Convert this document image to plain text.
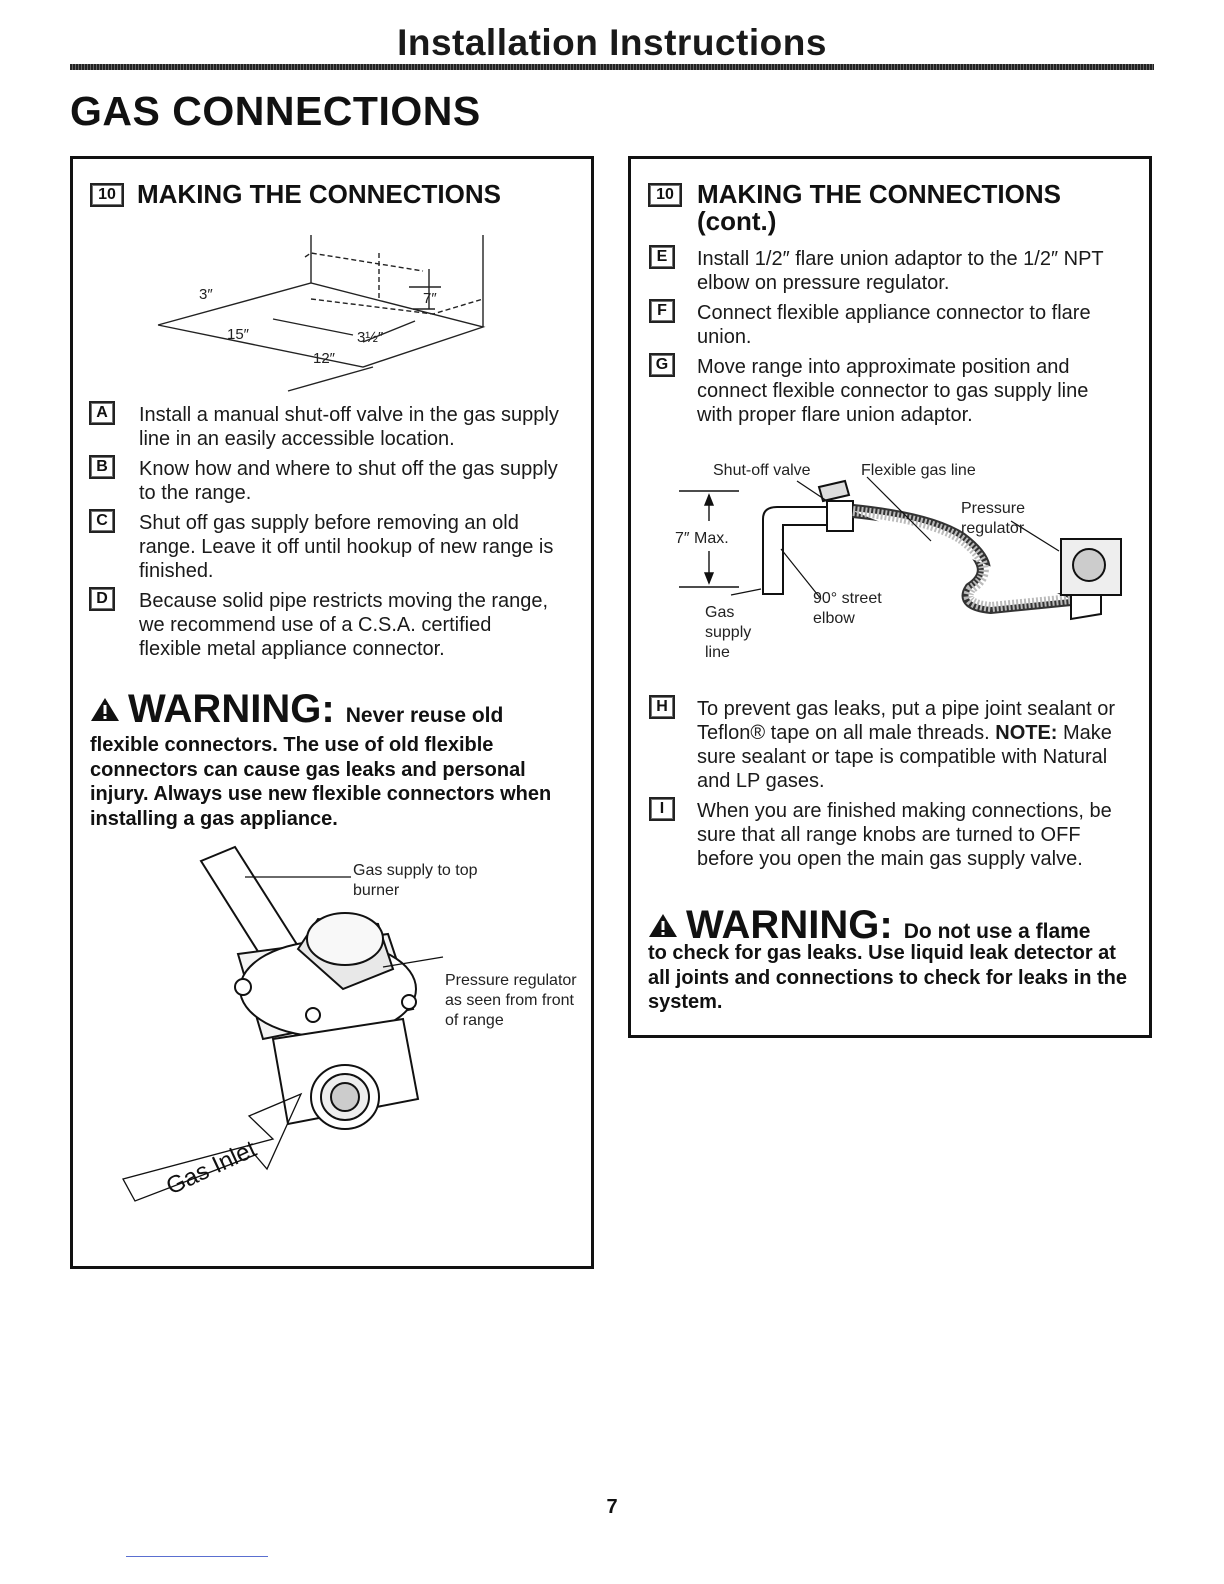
Installation Instructions
GAS CONNECTIONS
10 MAKING THE CONNECTIONS
3″	7″
15″	3½″
12″
A	Install a manual shut-off valve in the gas supply line in an easily accessible location.
B	Know how and where to shut off the gas supply to the range.
C	Shut off gas supply before removing an old range. Leave it off until hookup of new range is finished.
D	Because solid pipe restricts moving the range, we recommend use of a C.S.A. certified flexible metal appliance connector.
WARNING: Never reuse old
flexible connectors. The use of old flexible connectors can cause gas leaks and personal injury. Always use new flexible connectors when installing a gas appliance.
Gas Inlet
Gas supply to top burner
Pressure regulator as seen from front of range
10 MAKING THE CONNECTIONS (cont.)
E	Install 1/2″ flare union adaptor to the 1/2″ NPT elbow on pressure regulator.
F	Connect flexible appliance connector to flare union.
G	Move range into approximate position and connect flexible connector to gas supply line with proper flare union adaptor.
Shut-off valve	Flexible gas line
Pressure regulator
7″ Max.
90° street elbow
Gas supply line
H	To prevent gas leaks, put a pipe joint sealant or Teflon® tape on all male threads. NOTE: Make sure sealant or tape is compatible with Natural and LP gases.
I	When you are finished making connections, be sure that all range knobs are turned to OFF before you open the main gas supply valve.
WARNING: Do not use a flame
to check for gas leaks. Use liquid leak detector at all joints and connections to check for leaks in the system.
7
